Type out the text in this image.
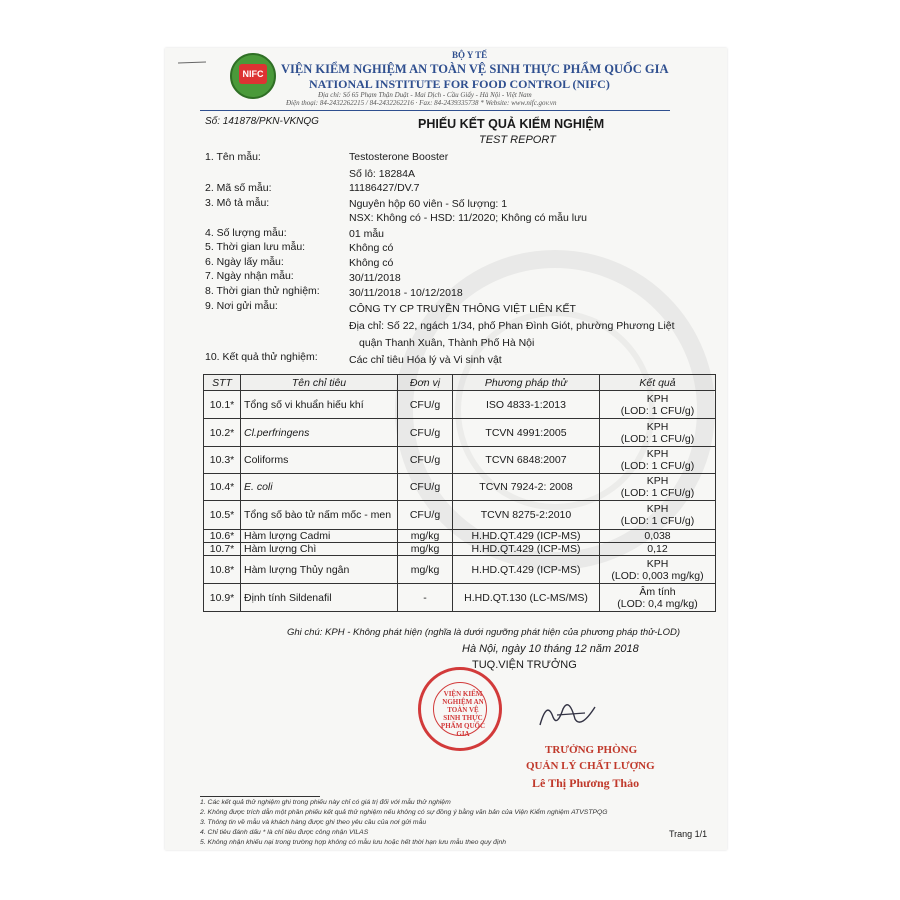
NIFC
BỘ Y TẾ
VIỆN KIỂM NGHIỆM AN TOÀN VỆ SINH THỰC PHẨM QUỐC GIA
NATIONAL INSTITUTE FOR FOOD CONTROL (NIFC)
Địa chỉ: Số 65 Phạm Thận Duật - Mai Dịch - Cầu Giấy - Hà Nội - Việt Nam
Điện thoại: 84-2432262215 / 84-2432262216 · Fax: 84-2439335738 * Website: www.nifc.gov.vn
Số: 141878/PKN-VKNQG	PHIẾU KẾT QUẢ KIỂM NGHIỆM
TEST REPORT
1. Tên mẫu:	Testosterone Booster
Số lô: 18284A
2. Mã số mẫu:	11186427/DV.7
3. Mô tả mẫu:	Nguyên hộp 60 viên - Số lượng: 1
NSX: Không có - HSD: 11/2020; Không có mẫu lưu
4. Số lượng mẫu:	01 mẫu
5. Thời gian lưu mẫu:	Không có
6. Ngày lấy mẫu:	Không có
7. Ngày nhận mẫu:	30/11/2018
8. Thời gian thử nghiệm:	30/11/2018 - 10/12/2018
9. Nơi gửi mẫu:	CÔNG TY CP TRUYỀN THÔNG VIỆT LIÊN KẾT
Địa chỉ: Số 22, ngách 1/34, phố Phan Đình Giót, phường Phương Liệt
quận Thanh Xuân, Thành Phố Hà Nội
10. Kết quả thử nghiệm:	Các chỉ tiêu Hóa lý và Vi sinh vật
STT	Tên chỉ tiêu	Đơn vị	Phương pháp thử	Kết quả
10.1*	Tổng số vi khuẩn hiếu khí	CFU/g	ISO 4833-1:2013	KPH
(LOD: 1 CFU/g)

10.2*	Cl.perfringens	CFU/g	TCVN 4991:2005	KPH
(LOD: 1 CFU/g)

10.3*	Coliforms	CFU/g	TCVN 6848:2007	KPH
(LOD: 1 CFU/g)

10.4*	E. coli	CFU/g	TCVN 7924-2: 2008	KPH
(LOD: 1 CFU/g)

10.5*	Tổng số bào tử nấm mốc - men	CFU/g	TCVN 8275-2:2010	KPH
(LOD: 1 CFU/g)

10.6*	Hàm lượng Cadmi	mg/kg	H.HD.QT.429 (ICP-MS)	0,038

10.7*	Hàm lượng Chì	mg/kg	H.HD.QT.429 (ICP-MS)	0,12

10.8*	Hàm lượng Thủy ngân	mg/kg	H.HD.QT.429 (ICP-MS)	KPH
(LOD: 0,003 mg/kg)

10.9*	Định tính Sildenafil	-	H.HD.QT.130 (LC-MS/MS)	Âm tính
(LOD: 0,4 mg/kg)
Ghi chú: KPH - Không phát hiện (nghĩa là dưới ngưỡng phát hiện của phương pháp thử-LOD)
Hà Nội, ngày 10 tháng 12 năm 2018
TUQ.VIỆN TRƯỞNG
VIỆN KIỂM NGHIỆM AN TOÀN VỆ SINH THỰC PHẨM QUỐC GIA
TRƯỞNG PHÒNG
QUẢN LÝ CHẤT LƯỢNG
Lê Thị Phương Thảo
1. Các kết quả thử nghiệm ghi trong phiếu này chỉ có giá trị đối với mẫu thử nghiệm
2. Không được trích dẫn một phần phiếu kết quả thử nghiệm nếu không có sự đồng ý bằng văn bản của Viện Kiểm nghiệm ATVSTPQG
3. Thông tin về mẫu và khách hàng được ghi theo yêu cầu của nơi gửi mẫu
4. Chỉ tiêu đánh dấu * là chỉ tiêu được công nhận VILAS
5. Không nhận khiếu nại trong trường hợp không có mẫu lưu hoặc hết thời hạn lưu mẫu theo quy định
Trang 1/1
